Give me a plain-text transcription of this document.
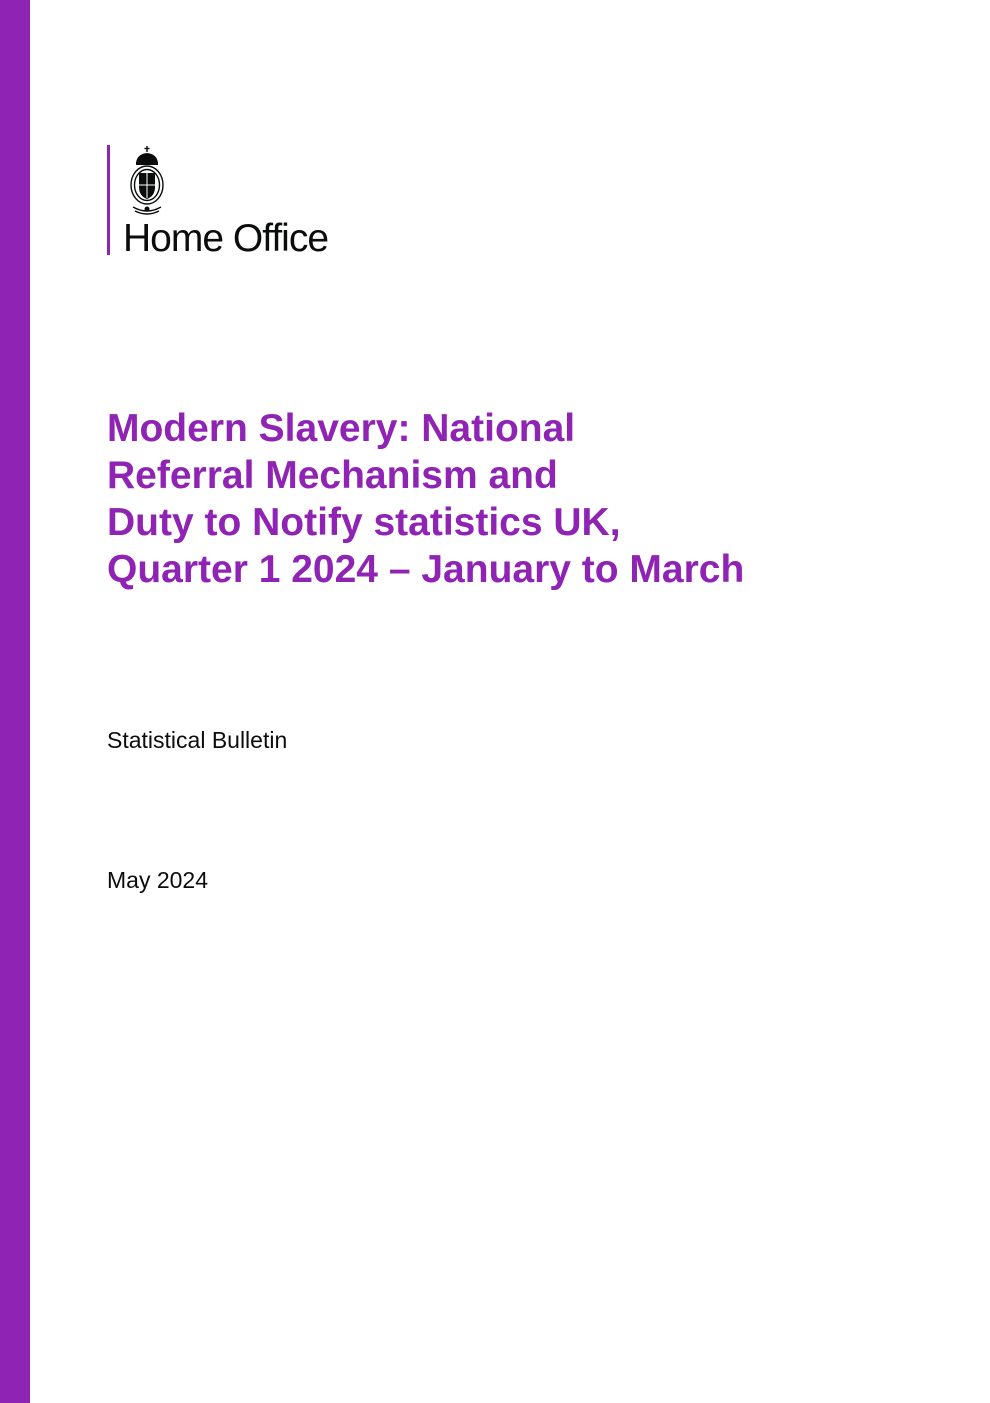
Home Office
Modern Slavery: National
Referral Mechanism and
Duty to Notify statistics UK,
Quarter 1 2024 – January to March

Statistical Bulletin

May 2024
